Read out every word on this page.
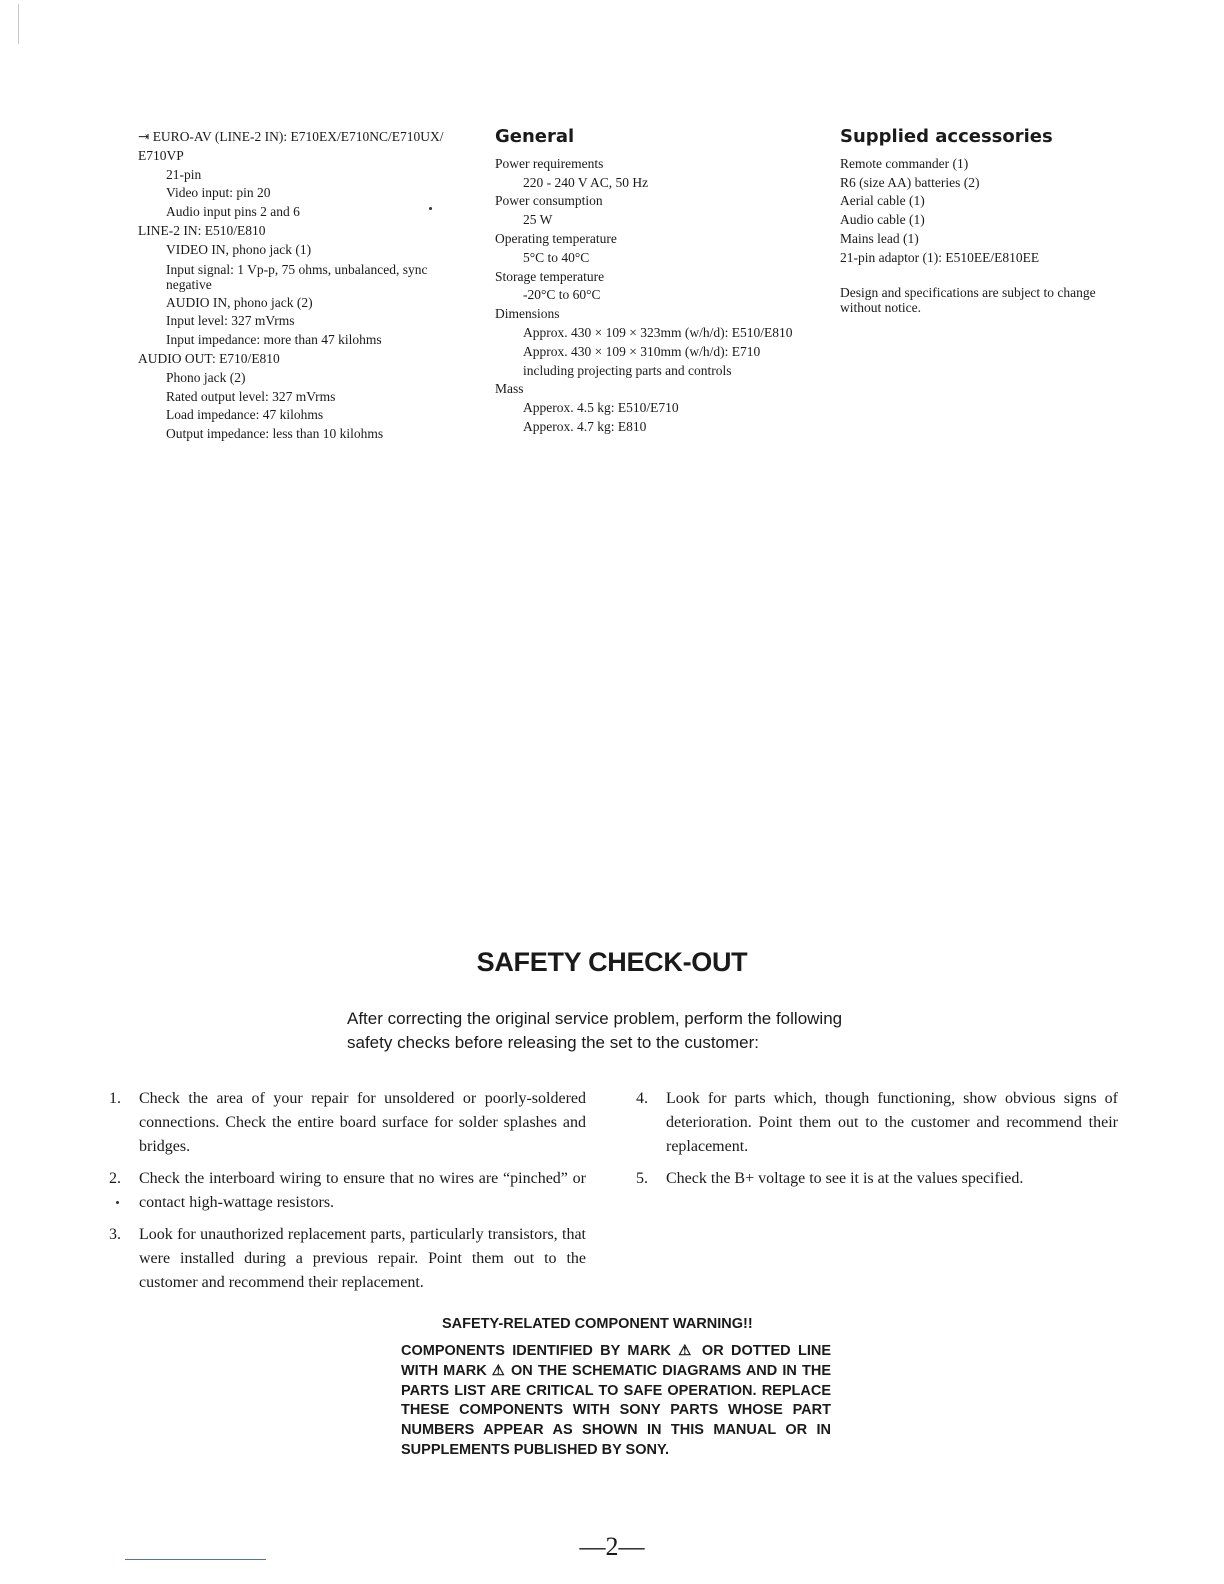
⇥ EURO-AV (LINE-2 IN): E710EX/E710NC/E710UX/
E710VP
21-pin
Video input: pin 20
Audio input pins 2 and 6
LINE-2 IN: E510/E810
VIDEO IN, phono jack (1)
Input signal: 1 Vp-p, 75 ohms, unbalanced, sync
negative
AUDIO IN, phono jack (2)
Input level: 327 mVrms
Input impedance: more than 47 kilohms
AUDIO OUT: E710/E810
Phono jack (2)
Rated output level: 327 mVrms
Load impedance: 47 kilohms
Output impedance: less than 10 kilohms
General
Power requirements
220 - 240 V AC, 50 Hz
Power consumption
25 W
Operating temperature
5°C to 40°C
Storage temperature
-20°C to 60°C
Dimensions
Approx. 430 × 109 × 323mm (w/h/d): E510/E810
Approx. 430 × 109 × 310mm (w/h/d): E710
including projecting parts and controls
Mass
Apperox. 4.5 kg: E510/E710
Apperox. 4.7 kg: E810
Supplied accessories
Remote commander (1)
R6 (size AA) batteries (2)
Aerial cable (1)
Audio cable (1)
Mains lead (1)
21-pin adaptor (1): E510EE/E810EE
Design and specifications are subject to change
without notice.
SAFETY CHECK-OUT
After correcting the original service problem, perform the following
safety checks before releasing the set to the customer:
1. Check the area of your repair for unsoldered or poorly-soldered connections. Check the entire board surface for solder splashes and bridges.
2. Check the interboard wiring to ensure that no wires are “pinched” or contact high-wattage resistors.
3. Look for unauthorized replacement parts, particularly transistors, that were installed during a previous repair. Point them out to the customer and recommend their replacement.
4. Look for parts which, though functioning, show obvious signs of deterioration. Point them out to the customer and recommend their replacement.
5. Check the B+ voltage to see it is at the values specified.
SAFETY-RELATED COMPONENT WARNING!!
COMPONENTS IDENTIFIED BY MARK ⚠ OR DOTTED LINE WITH MARK ⚠ ON THE SCHEMATIC DIAGRAMS AND IN THE PARTS LIST ARE CRITICAL TO SAFE OPERATION. REPLACE THESE COMPONENTS WITH SONY PARTS WHOSE PART NUMBERS APPEAR AS SHOWN IN THIS MANUAL OR IN SUPPLEMENTS PUBLISHED BY SONY.
—2—
